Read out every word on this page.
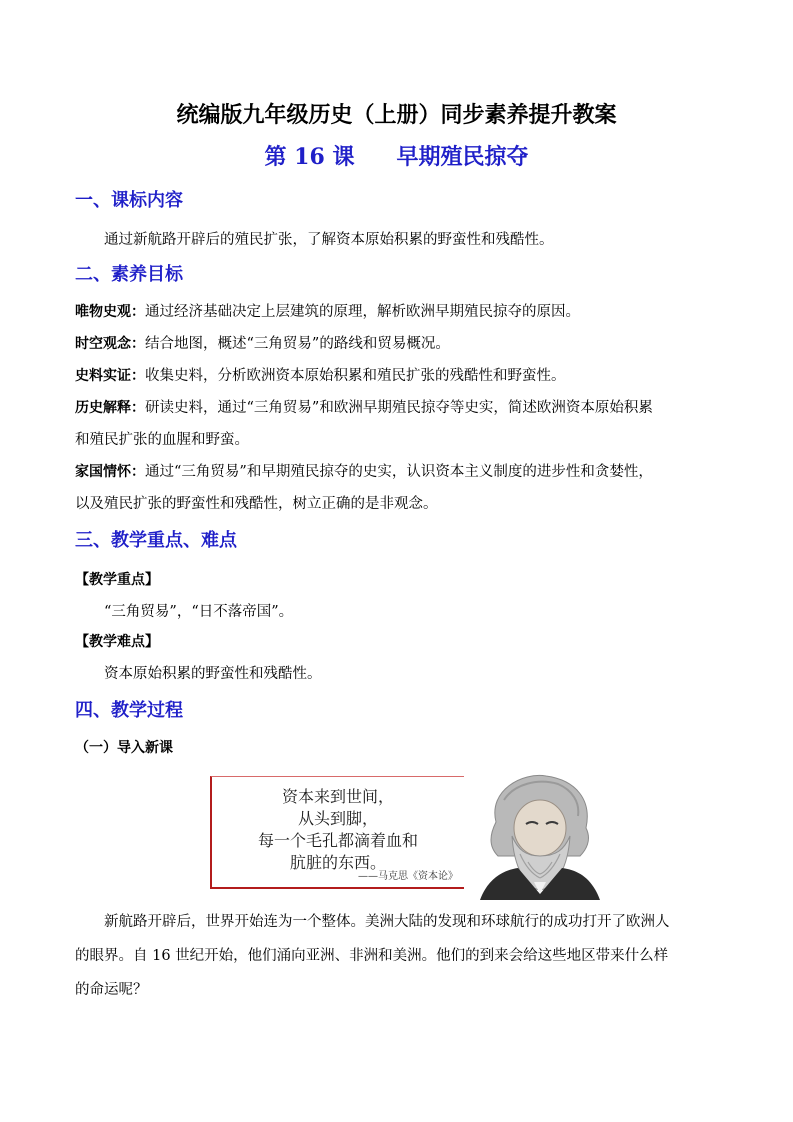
统编版九年级历史（上册）同步素养提升教案
第 16 课 早期殖民掠夺
一、课标内容
通过新航路开辟后的殖民扩张，了解资本原始积累的野蛮性和残酷性。
二、素养目标
唯物史观：通过经济基础决定上层建筑的原理，解析欧洲早期殖民掠夺的原因。
时空观念：结合地图，概述“三角贸易”的路线和贸易概况。
史料实证：收集史料，分析欧洲资本原始积累和殖民扩张的残酷性和野蛮性。
历史解释：研读史料，通过“三角贸易”和欧洲早期殖民掠夺等史实，简述欧洲资本原始积累
和殖民扩张的血腥和野蛮。
家国情怀：通过“三角贸易”和早期殖民掠夺的史实，认识资本主义制度的进步性和贪婪性，
以及殖民扩张的野蛮性和残酷性，树立正确的是非观念。
三、教学重点、难点
【教学重点】
“三角贸易”，“日不落帝国”。
【教学难点】
资本原始积累的野蛮性和残酷性。
四、教学过程
（一）导入新课
资本来到世间，
从头到脚，
每一个毛孔都滴着血和
肮脏的东西。
——马克思《资本论》
新航路开辟后，世界开始连为一个整体。美洲大陆的发现和环球航行的成功打开了欧洲人
的眼界。自 16 世纪开始，他们涌向亚洲、非洲和美洲。他们的到来会给这些地区带来什么样
的命运呢？
